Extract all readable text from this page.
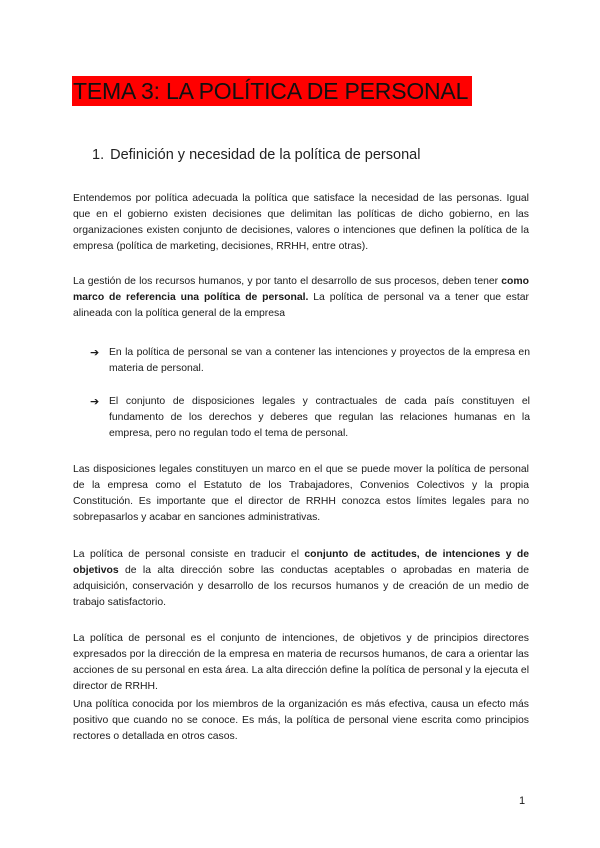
TEMA 3: LA POLÍTICA DE PERSONAL
1. Definición y necesidad de la política de personal

Entendemos por política adecuada la política que satisface la necesidad de las personas. Igual que en el gobierno existen decisiones que delimitan las políticas de dicho gobierno, en las organizaciones existen conjunto de decisiones, valores o intenciones que definen la política de la empresa (política de marketing, decisiones, RRHH, entre otras).

La gestión de los recursos humanos, y por tanto el desarrollo de sus procesos, deben tener como marco de referencia una política de personal. La política de personal va a tener que estar alineada con la política general de la empresa

➔ En la política de personal se van a contener las intenciones y proyectos de la empresa en materia de personal.
➔ El conjunto de disposiciones legales y contractuales de cada país constituyen el fundamento de los derechos y deberes que regulan las relaciones humanas en la empresa, pero no regulan todo el tema de personal.

Las disposiciones legales constituyen un marco en el que se puede mover la política de personal de la empresa como el Estatuto de los Trabajadores, Convenios Colectivos y la propia Constitución. Es importante que el director de RRHH conozca estos límites legales para no sobrepasarlos y acabar en sanciones administrativas.

La política de personal consiste en traducir el conjunto de actitudes, de intenciones y de objetivos de la alta dirección sobre las conductas aceptables o aprobadas en materia de adquisición, conservación y desarrollo de los recursos humanos y de creación de un medio de trabajo satisfactorio.

La política de personal es el conjunto de intenciones, de objetivos y de principios directores expresados por la dirección de la empresa en materia de recursos humanos, de cara a orientar las acciones de su personal en esta área. La alta dirección define la política de personal y la ejecuta el director de RRHH.

Una política conocida por los miembros de la organización es más efectiva, causa un efecto más positivo que cuando no se conoce. Es más, la política de personal viene escrita como principios rectores o detallada en otros casos.

1
